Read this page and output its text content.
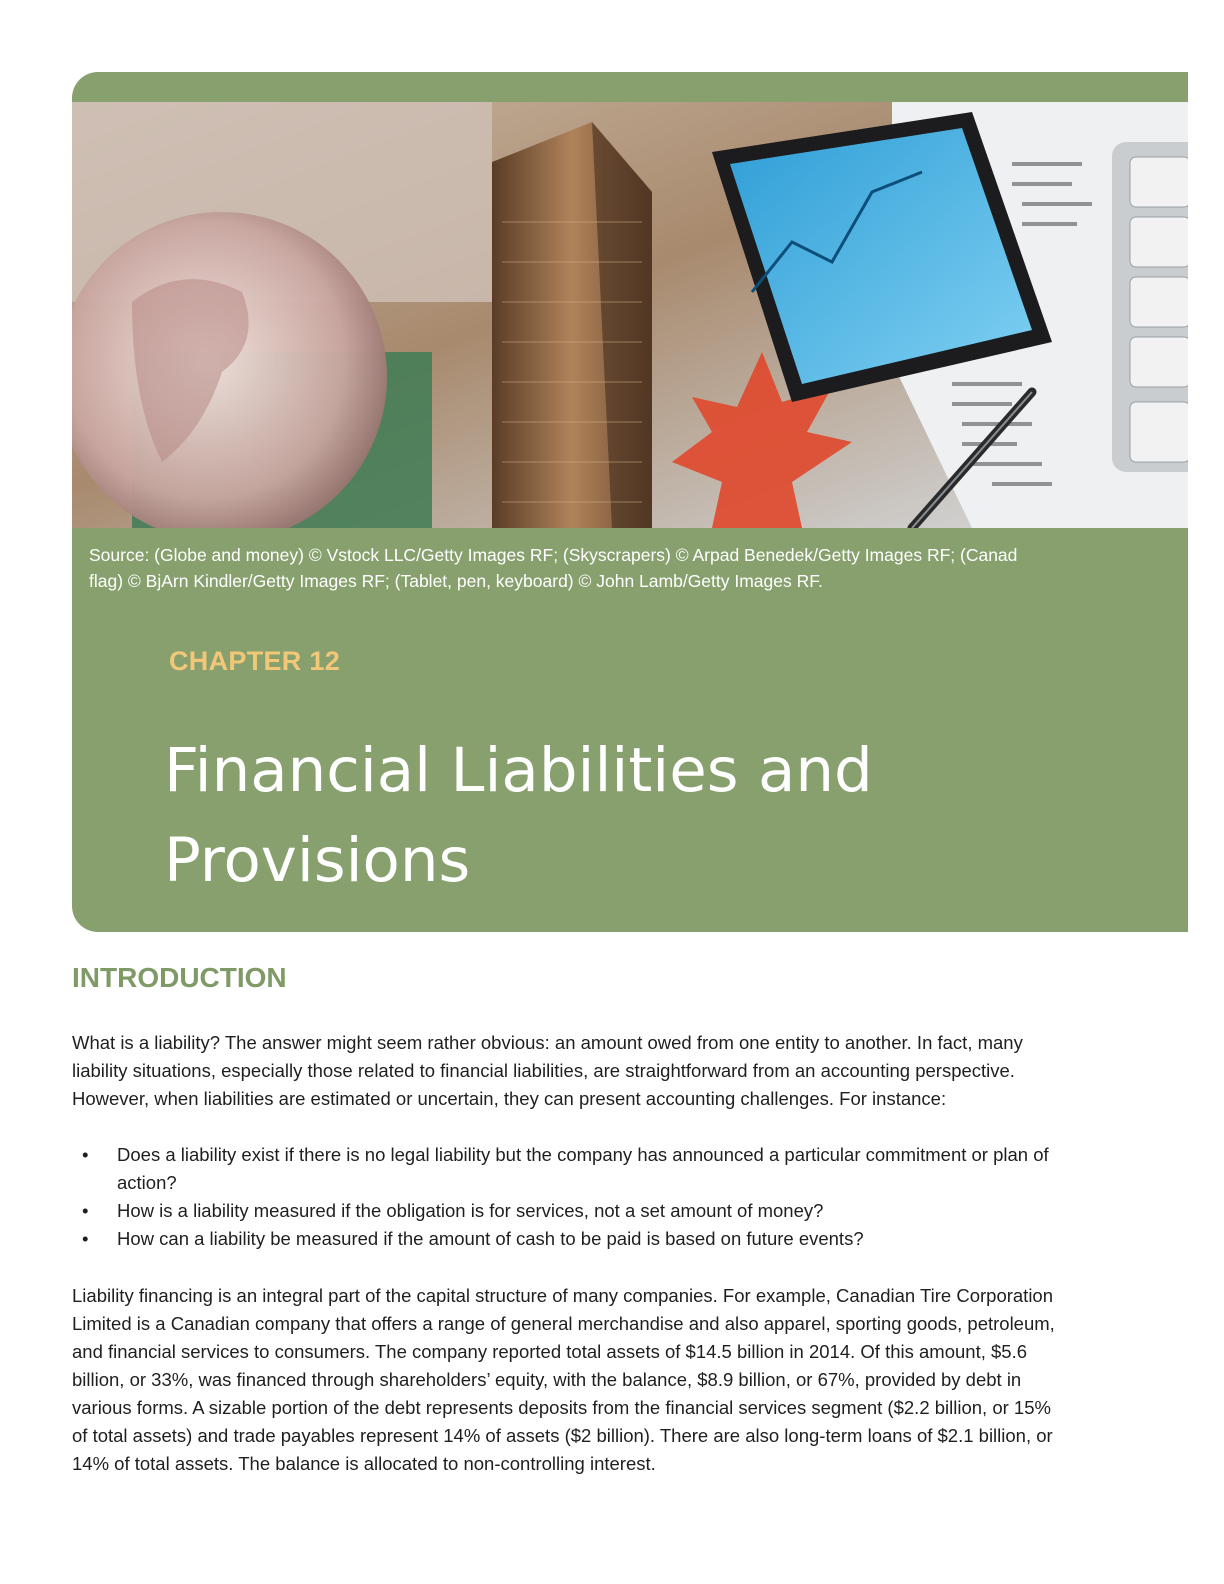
Source: (Globe and money) © Vstock LLC/Getty Images RF; (Skyscrapers) © Arpad Benedek/Getty Images RF; (Canad
flag) © BjArn Kindler/Getty Images RF; (Tablet, pen, keyboard) © John Lamb/Getty Images RF.
CHAPTER 12
Financial Liabilities and
Provisions
INTRODUCTION

What is a liability? The answer might seem rather obvious: an amount owed from one entity to another. In fact, many
liability situations, especially those related to financial liabilities, are straightforward from an accounting perspective.
However, when liabilities are estimated or uncertain, they can present accounting challenges. For instance:

• Does a liability exist if there is no legal liability but the company has announced a particular commitment or plan of
action?
• How is a liability measured if the obligation is for services, not a set amount of money?
• How can a liability be measured if the amount of cash to be paid is based on future events?

Liability financing is an integral part of the capital structure of many companies. For example, Canadian Tire Corporation
Limited is a Canadian company that offers a range of general merchandise and also apparel, sporting goods, petroleum,
and financial services to consumers. The company reported total assets of $14.5 billion in 2014. Of this amount, $5.6
billion, or 33%, was financed through shareholders’ equity, with the balance, $8.9 billion, or 67%, provided by debt in
various forms. A sizable portion of the debt represents deposits from the financial services segment ($2.2 billion, or 15%
of total assets) and trade payables represent 14% of assets ($2 billion). There are also long-term loans of $2.1 billion, or
14% of total assets. The balance is allocated to non-controlling interest.
